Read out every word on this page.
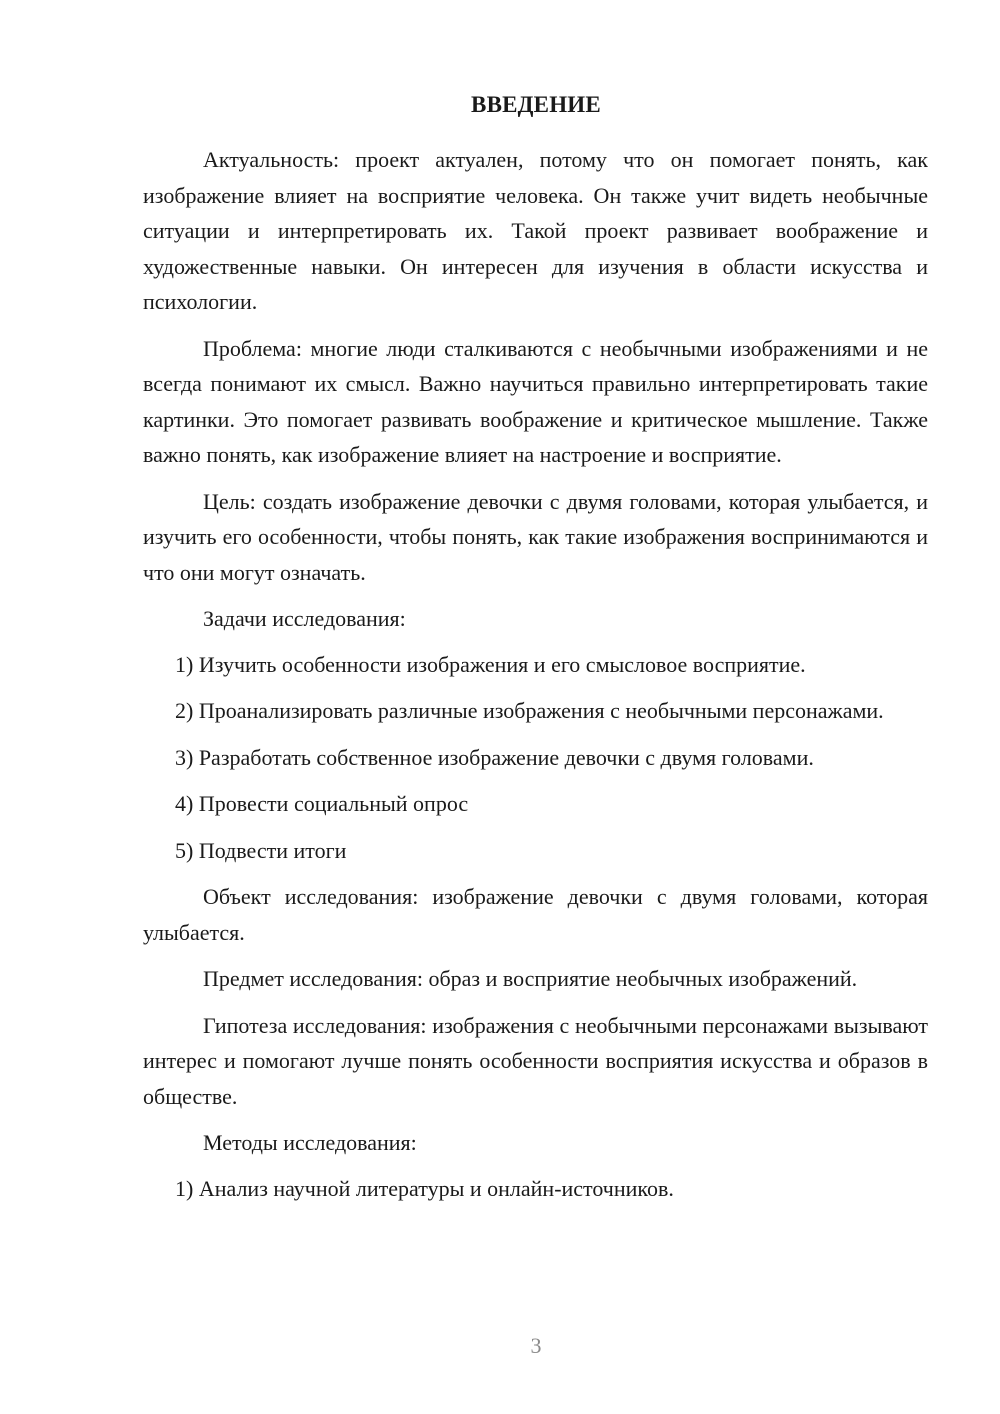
ВВЕДЕНИЕ

Актуальность: проект актуален, потому что он помогает понять, как изображение влияет на восприятие человека. Он также учит видеть необычные ситуации и интерпретировать их. Такой проект развивает воображение и художественные навыки. Он интересен для изучения в области искусства и психологии.

Проблема: многие люди сталкиваются с необычными изображениями и не всегда понимают их смысл. Важно научиться правильно интерпретировать такие картинки. Это помогает развивать воображение и критическое мышление. Также важно понять, как изображение влияет на настроение и восприятие.

Цель: создать изображение девочки с двумя головами, которая улыбается, и изучить его особенности, чтобы понять, как такие изображения воспринимаются и что они могут означать.

Задачи исследования:

1) Изучить особенности изображения и его смысловое восприятие.

2) Проанализировать различные изображения с необычными персонажами.

3) Разработать собственное изображение девочки с двумя головами.

4) Провести социальный опрос

5) Подвести итоги

Объект исследования: изображение девочки с двумя головами, которая улыбается.

Предмет исследования: образ и восприятие необычных изображений.

Гипотеза исследования: изображения с необычными персонажами вызывают интерес и помогают лучше понять особенности восприятия искусства и образов в обществе.

Методы исследования:

1) Анализ научной литературы и онлайн-источников.

3
